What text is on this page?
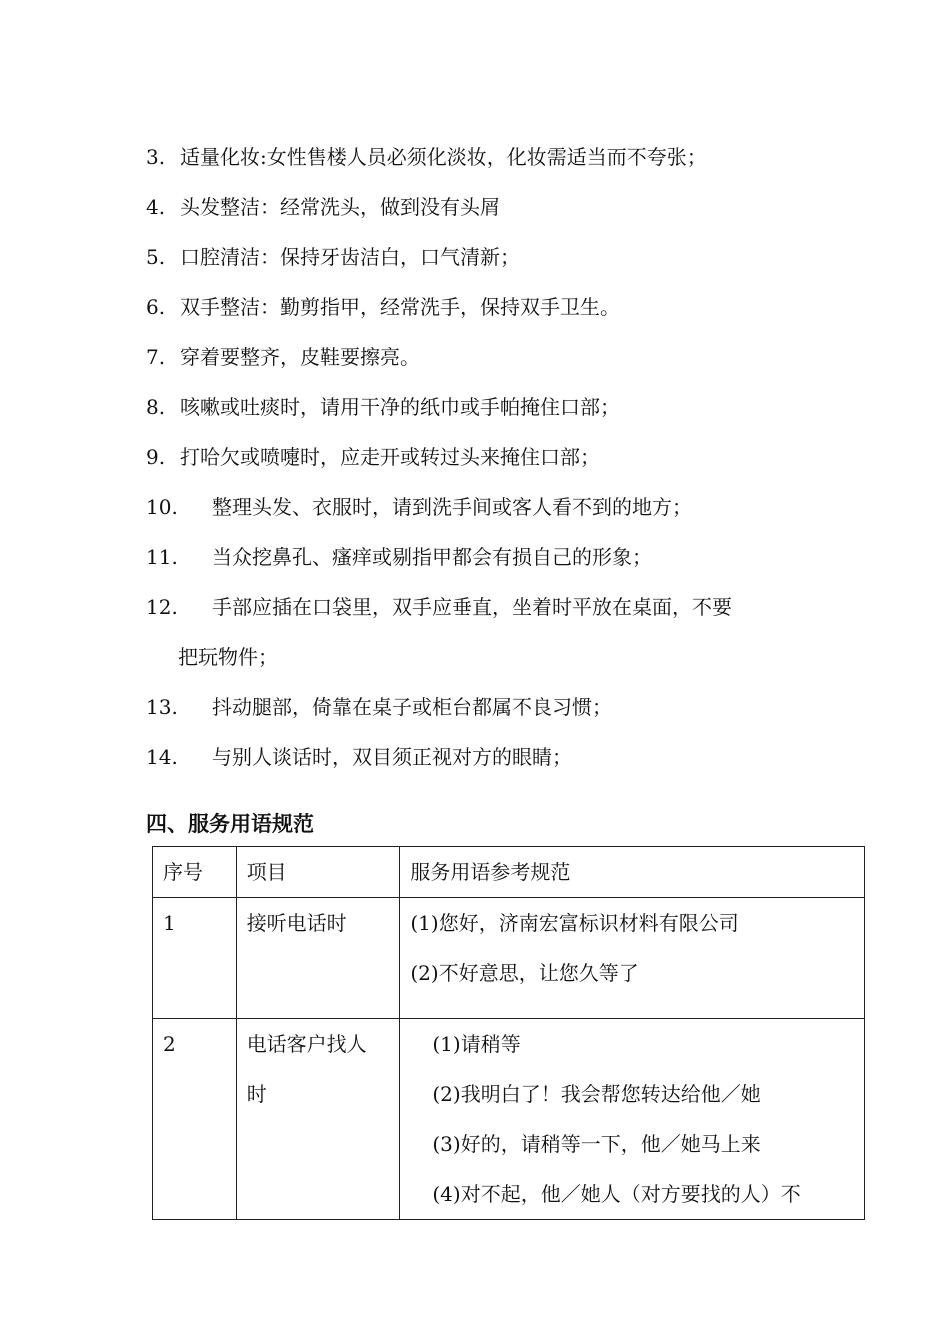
3. 适量化妆:女性售楼人员必须化淡妆，化妆需适当而不夸张；
4. 头发整洁：经常洗头，做到没有头屑
5. 口腔清洁：保持牙齿洁白，口气清新；
6. 双手整洁：勤剪指甲，经常洗手，保持双手卫生。
7. 穿着要整齐，皮鞋要擦亮。
8. 咳嗽或吐痰时，请用干净的纸巾或手帕掩住口部；
9. 打哈欠或喷嚏时，应走开或转过头来掩住口部；
10. 整理头发、衣服时，请到洗手间或客人看不到的地方；
11. 当众挖鼻孔、瘙痒或剔指甲都会有损自己的形象；
12. 手部应插在口袋里，双手应垂直，坐着时平放在桌面，不要
把玩物件；
13. 抖动腿部，倚靠在桌子或柜台都属不良习惯；
14. 与别人谈话时，双目须正视对方的眼睛；
四、服务用语规范
序号	项目	服务用语参考规范

1	接听电话时	(1)您好，济南宏富标识材料有限公司
(2)不好意思，让您久等了

2	电话客户找人
时	(1)请稍等
(2)我明白了！我会帮您转达给他／她
(3)好的，请稍等一下，他／她马上来
(4)对不起，他／她人（对方要找的人）不
